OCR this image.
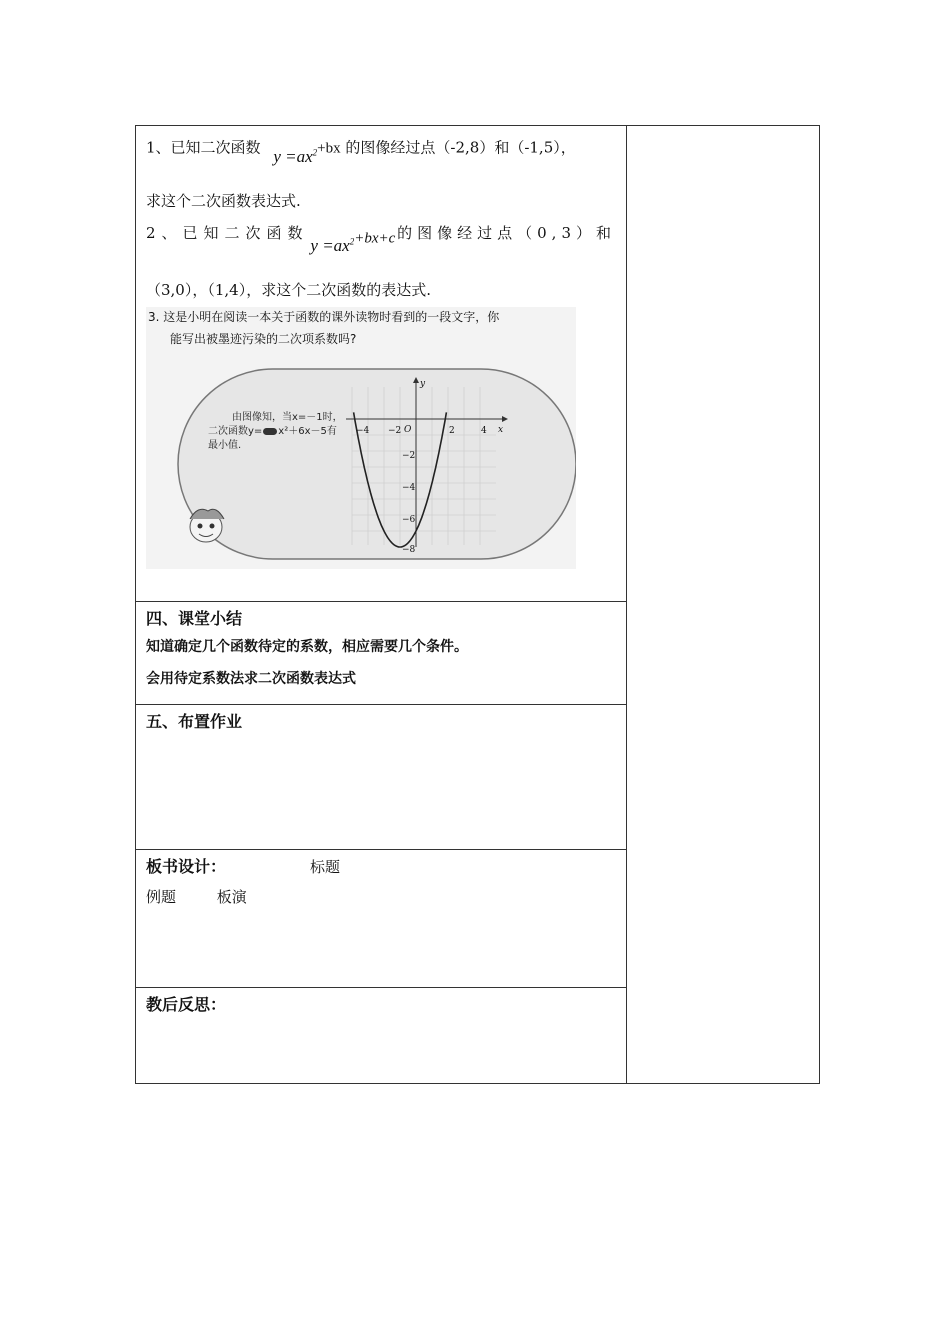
1、已知二次函数 $y =ax^2+bx$ 的图像经过点（-2,8）和（-1,5），

求这个二次函数表达式.

2、已知二次函数
$y =ax^2+bx+c$ 的图像经过点（0,3）和

（3,0），（1,4），求这个二次函数的表达式.

3. 这是小明在阅读一本关于函数的课外读物时看到的一段文字，你
能写出被墨迹污染的二次项系数吗?
由图像知，当x=－1时，
二次函数y= x²＋6x－5有
最小值.
y
x
O
−4 −2	2	4
−2
−4
−6
−8

四、课堂小结
知道确定几个函数待定的系数，相应需要几个条件。
会用待定系数法求二次函数表达式

五、布置作业

板书设计：	标题
例题	板演

教后反思：
